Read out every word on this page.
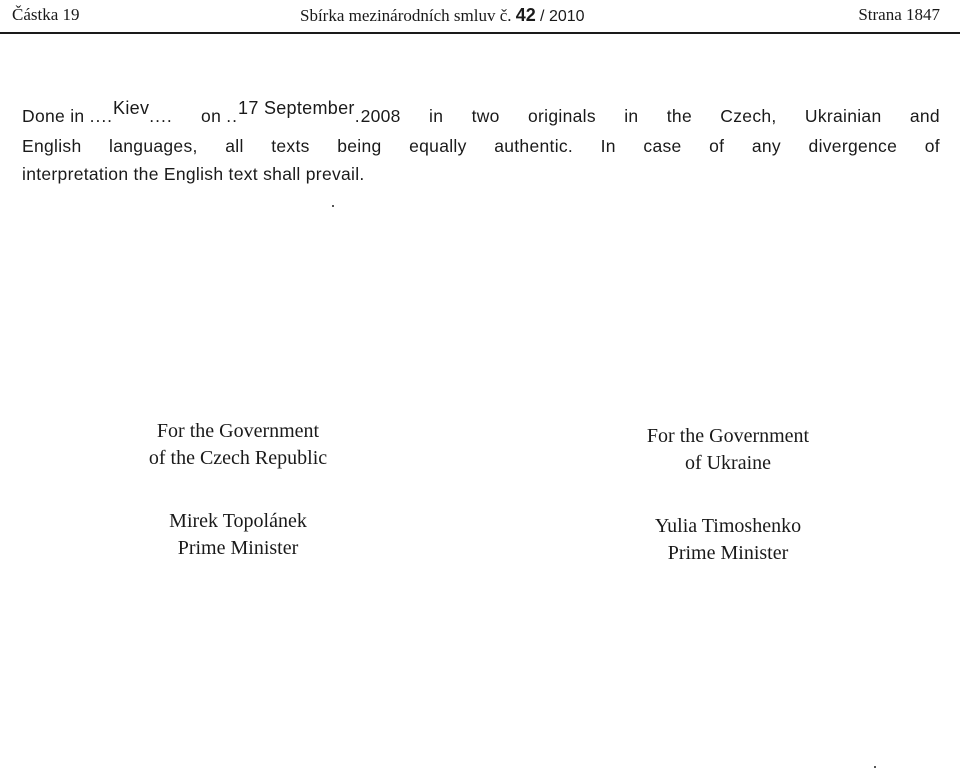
Částka 19	Sbírka mezinárodních smluv č. 42 / 2010	Strana 1847
Done in ....Kiev.... on ..17 September.2008 in two originals in the Czech, Ukrainian and
English languages, all texts being equally authentic. In case of any divergence of
interpretation the English text shall prevail.
For the Government
of the Czech Republic
Mirek Topolánek
Prime Minister
For the Government
of Ukraine
Yulia Timoshenko
Prime Minister
